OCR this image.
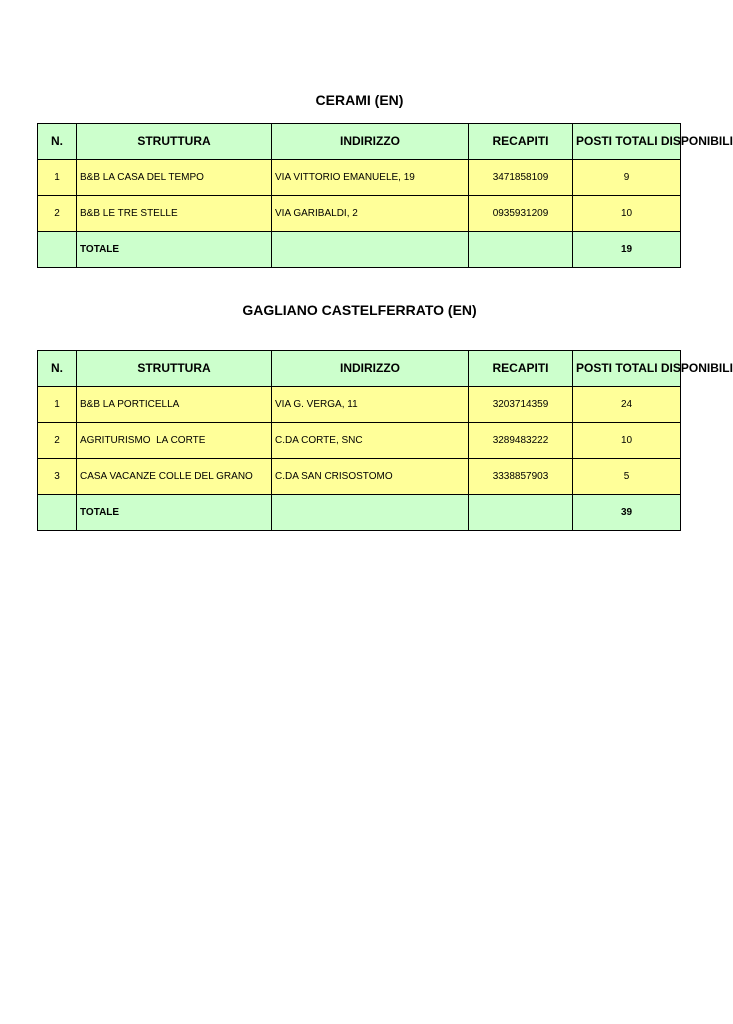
CERAMI (EN)
N.	STRUTTURA	INDIRIZZO	RECAPITI	POSTI TOTALI DISPONIBILI
1	B&B LA CASA DEL TEMPO	VIA VITTORIO EMANUELE, 19	3471858109	9
2	B&B LE TRE STELLE	VIA GARIBALDI, 2	0935931209	10
	TOTALE			19
GAGLIANO CASTELFERRATO (EN)
N.	STRUTTURA	INDIRIZZO	RECAPITI	POSTI TOTALI DISPONIBILI
1	B&B LA PORTICELLA	VIA G. VERGA, 11	3203714359	24
2	AGRITURISMO  LA CORTE	C.DA CORTE, SNC	3289483222	10
3	CASA VACANZE COLLE DEL GRANO	C.DA SAN CRISOSTOMO	3338857903	5
	TOTALE			39
